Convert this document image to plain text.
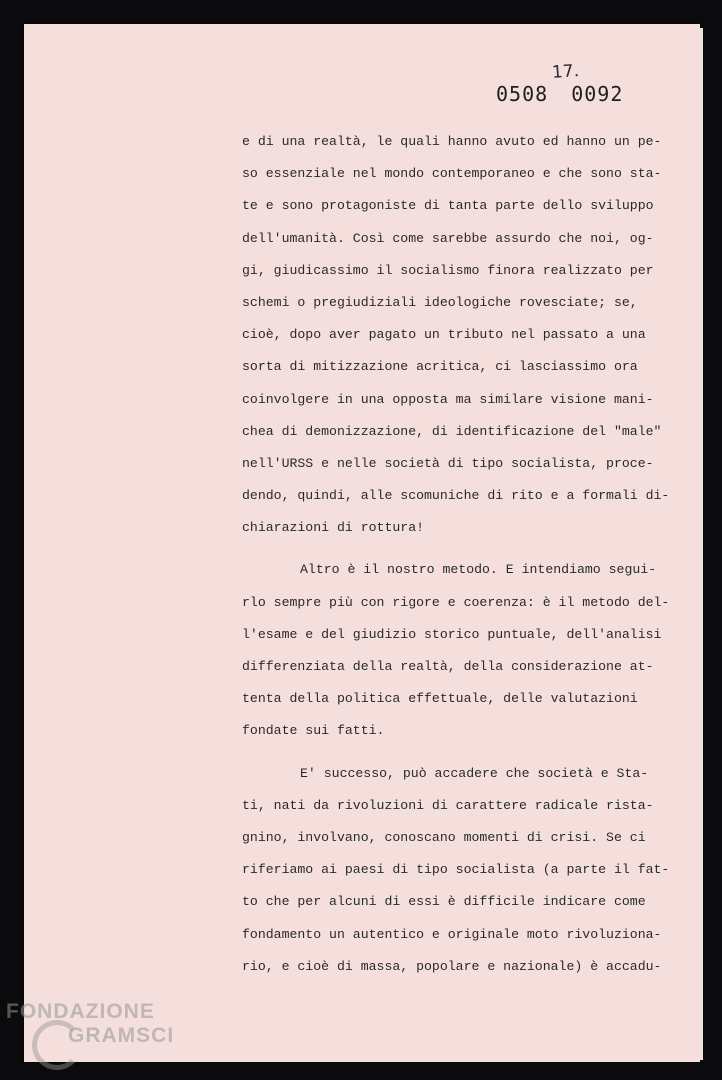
17.
0508 0092
e di una realtà, le quali hanno avuto ed hanno un pe-
so essenziale nel mondo contemporaneo e che sono sta-
te e sono protagoniste di tanta parte dello sviluppo
dell'umanità. Così come sarebbe assurdo che noi, og-
gi, giudicassimo il socialismo finora realizzato per
schemi o pregiudiziali ideologiche rovesciate; se,
cioè, dopo aver pagato un tributo nel passato a una
sorta di mitizzazione acritica, ci lasciassimo ora
coinvolgere in una opposta ma similare visione mani-
chea di demonizzazione, di identificazione del "male"
nell'URSS e nelle società di tipo socialista, proce-
dendo, quindi, alle scomuniche di rito e a formali di-
chiarazioni di rottura!
Altro è il nostro metodo. E intendiamo segui-
rlo sempre più con rigore e coerenza: è il metodo del-
l'esame e del giudizio storico puntuale, dell'analisi
differenziata della realtà, della considerazione at-
tenta della politica effettuale, delle valutazioni
fondate sui fatti.
E' successo, può accadere che società e Sta-
ti, nati da rivoluzioni di carattere radicale rista-
gnino, involvano, conoscano momenti di crisi. Se ci
riferiamo ai paesi di tipo socialista (a parte il fat-
to che per alcuni di essi è difficile indicare come
fondamento un autentico e originale moto rivoluziona-
rio, e cioè di massa, popolare e nazionale) è accadu-
FONDAZIONE
GRAMSCI
